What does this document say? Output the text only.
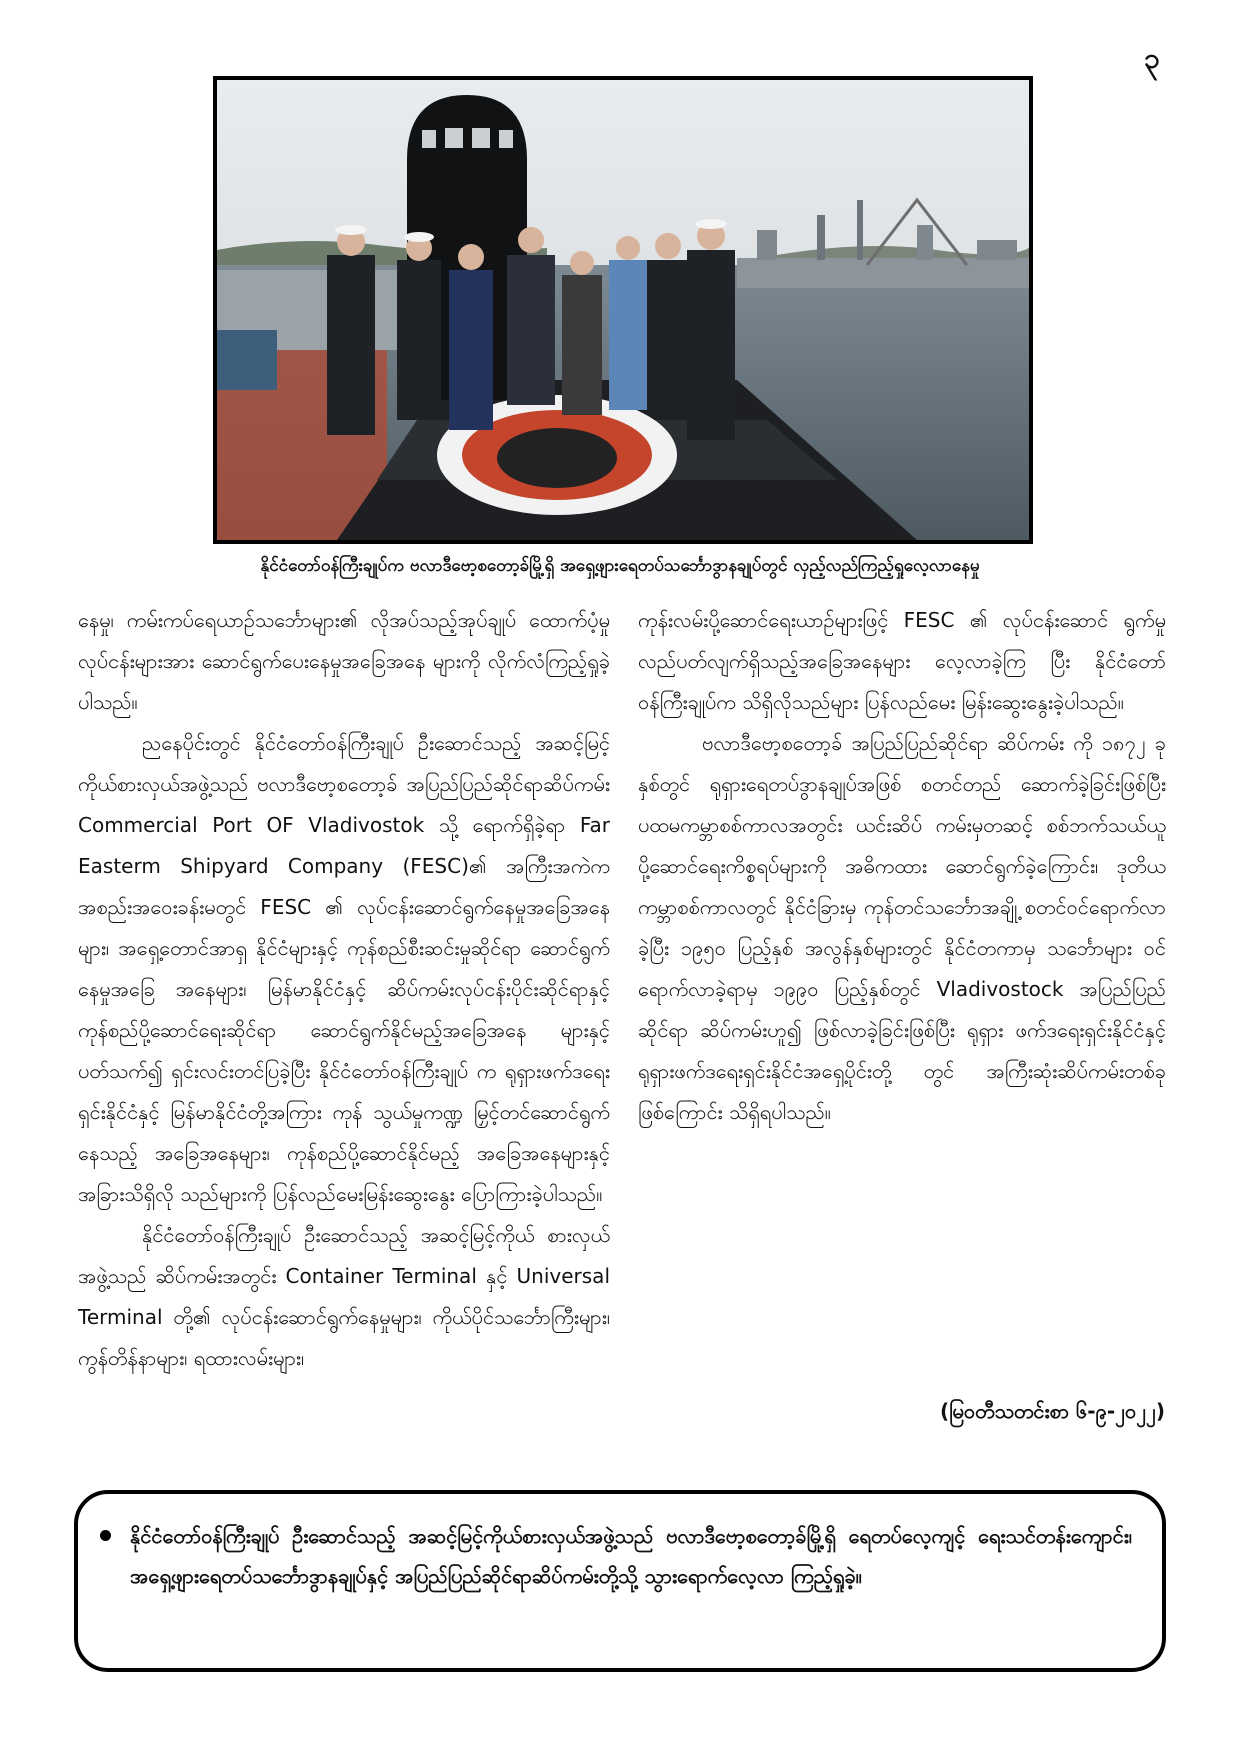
၃
နိုင်ငံတော်ဝန်ကြီးချုပ်က ဗလာဒီဗော့စတော့ခ်မြို့ရှိ အရှေ့ဖျားရေတပ်သင်္ဘောဒွာနချုပ်တွင် လှည့်လည်ကြည့်ရှုလေ့လာနေမှု

နေမှု၊ ကမ်းကပ်ရေယာဉ်သင်္ဘောများ၏ လိုအပ်သည့်အုပ်ချုပ် ထောက်ပံ့မှုလုပ်ငန်းများအား ဆောင်ရွက်ပေးနေမှုအခြေအနေ များကို လိုက်လံကြည့်ရှုခဲ့ပါသည်။

ညနေပိုင်းတွင် နိုင်ငံတော်ဝန်ကြီးချုပ် ဦးဆောင်သည့် အဆင့်မြင့်ကိုယ်စားလှယ်အဖွဲ့သည် ဗလာဒီဗော့စတော့ခ် အပြည်ပြည်ဆိုင်ရာဆိပ်ကမ်း Commercial Port OF Vladivostok သို့ ရောက်ရှိခဲ့ရာ Far Easterm Shipyard Company (FESC)၏ အကြီးအကဲက အစည်းအဝေးခန်းမတွင် FESC ၏ လုပ်ငန်းဆောင်ရွက်နေမှုအခြေအနေများ၊ အရှေ့တောင်အာရှ နိုင်ငံများနှင့် ကုန်စည်စီးဆင်းမှုဆိုင်ရာ ဆောင်ရွက်နေမှုအခြေ အနေများ၊ မြန်မာနိုင်ငံနှင့် ဆိပ်ကမ်းလုပ်ငန်းပိုင်းဆိုင်ရာနှင့် ကုန်စည်ပို့ဆောင်ရေးဆိုင်ရာ ဆောင်ရွက်နိုင်မည့်အခြေအနေ များနှင့်ပတ်သက်၍ ရှင်းလင်းတင်ပြခဲ့ပြီး နိုင်ငံတော်ဝန်ကြီးချုပ် က ရုရှားဖက်ဒရေးရှင်းနိုင်ငံနှင့် မြန်မာနိုင်ငံတို့အကြား ကုန် သွယ်မှုကဏ္ဍ မြှင့်တင်ဆောင်ရွက်နေသည့် အခြေအနေများ၊ ကုန်စည်ပို့ဆောင်နိုင်မည့် အခြေအနေများနှင့် အခြားသိရှိလို သည်များကို ပြန်လည်မေးမြန်းဆွေးနွေး ပြောကြားခဲ့ပါသည်။

နိုင်ငံတော်ဝန်ကြီးချုပ် ဦးဆောင်သည့် အဆင့်မြင့်ကိုယ် စားလှယ်အဖွဲ့သည် ဆိပ်ကမ်းအတွင်း Container Terminal နှင့် Universal Terminal တို့၏ လုပ်ငန်းဆောင်ရွက်နေမှုများ၊ ကိုယ်ပိုင်သင်္ဘောကြီးများ၊ ကွန်တိန်နာများ၊ ရထားလမ်းများ၊

ကုန်းလမ်းပို့ဆောင်ရေးယာဉ်များဖြင့် FESC ၏ လုပ်ငန်းဆောင် ရွက်မှု လည်ပတ်လျက်ရှိသည့်အခြေအနေများ လေ့လာခဲ့ကြ ပြီး နိုင်ငံတော်ဝန်ကြီးချုပ်က သိရှိလိုသည်များ ပြန်လည်မေး မြန်းဆွေးနွေးခဲ့ပါသည်။

ဗလာဒီဗော့စတော့ခ် အပြည်ပြည်ဆိုင်ရာ ဆိပ်ကမ်း ကို ၁၈၇၂ ခုနှစ်တွင် ရုရှားရေတပ်ဒွာနချုပ်အဖြစ် စတင်တည် ဆောက်ခဲ့ခြင်းဖြစ်ပြီး ပထမကမ္ဘာစစ်ကာလအတွင်း ယင်းဆိပ် ကမ်းမှတဆင့် စစ်ဘက်သယ်ယူပို့ဆောင်ရေးကိစ္စရပ်များကို အဓိကထား ဆောင်ရွက်ခဲ့ကြောင်း၊ ဒုတိယကမ္ဘာစစ်ကာလတွင် နိုင်ငံခြားမှ ကုန်တင်သင်္ဘောအချို့ စတင်ဝင်ရောက်လာခဲ့ပြီး ၁၉၅၀ ပြည့်နှစ် အလွန်နှစ်များတွင် နိုင်ငံတကာမှ သင်္ဘောများ ဝင်ရောက်လာခဲ့ရာမှ ၁၉၉၀ ပြည့်နှစ်တွင် Vladivostock အပြည်ပြည်ဆိုင်ရာ ဆိပ်ကမ်းဟူ၍ ဖြစ်လာခဲ့ခြင်းဖြစ်ပြီး ရုရှား ဖက်ဒရေးရှင်းနိုင်ငံနှင့် ရုရှားဖက်ဒရေးရှင်းနိုင်ငံအရှေ့ပိုင်းတို့ တွင် အကြီးဆုံးဆိပ်ကမ်းတစ်ခုဖြစ်ကြောင်း သိရှိရပါသည်။

(မြဝတီသတင်းစာ ၆-၉-၂၀၂၂)
နိုင်ငံတော်ဝန်ကြီးချုပ် ဦးဆောင်သည့် အဆင့်မြင့်ကိုယ်စားလှယ်အဖွဲ့သည် ဗလာဒီဗော့စတော့ခ်မြို့ရှိ ရေတပ်လေ့ကျင့် ရေးသင်တန်းကျောင်း၊ အရှေ့ဖျားရေတပ်သင်္ဘောဒွာနချုပ်နှင့် အပြည်ပြည်ဆိုင်ရာဆိပ်ကမ်းတို့သို့ သွားရောက်လေ့လာ ကြည့်ရှုခဲ့။
